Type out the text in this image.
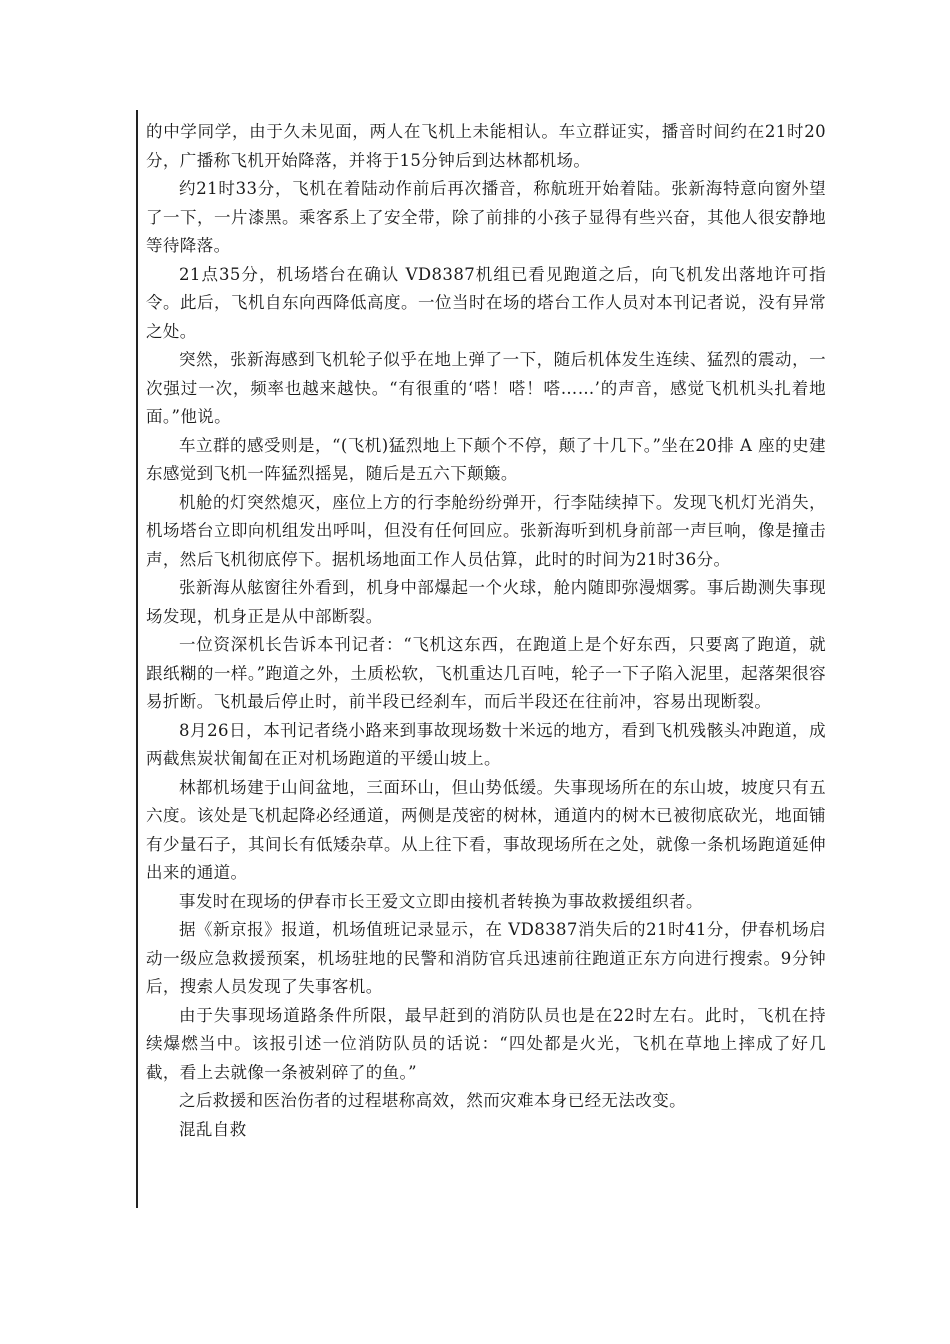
的中学同学，由于久未见面，两人在飞机上未能相认。车立群证实，播音时间约在21时20分，广播称飞机开始降落，并将于15分钟后到达林都机场。

约21时33分，飞机在着陆动作前后再次播音，称航班开始着陆。张新海特意向窗外望了一下，一片漆黑。乘客系上了安全带，除了前排的小孩子显得有些兴奋，其他人很安静地等待降落。

21点35分，机场塔台在确认 VD8387机组已看见跑道之后，向飞机发出落地许可指令。此后，飞机自东向西降低高度。一位当时在场的塔台工作人员对本刊记者说，没有异常之处。

突然，张新海感到飞机轮子似乎在地上弹了一下，随后机体发生连续、猛烈的震动，一次强过一次，频率也越来越快。“有很重的‘嗒！嗒！嗒……’的声音，感觉飞机机头扎着地面。”他说。

车立群的感受则是，“(飞机)猛烈地上下颠个不停，颠了十几下。”坐在20排 A 座的史建东感觉到飞机一阵猛烈摇晃，随后是五六下颠簸。

机舱的灯突然熄灭，座位上方的行李舱纷纷弹开，行李陆续掉下。发现飞机灯光消失，机场塔台立即向机组发出呼叫，但没有任何回应。张新海听到机身前部一声巨响，像是撞击声，然后飞机彻底停下。据机场地面工作人员估算，此时的时间为21时36分。

张新海从舷窗往外看到，机身中部爆起一个火球，舱内随即弥漫烟雾。事后勘测失事现场发现，机身正是从中部断裂。

一位资深机长告诉本刊记者：“飞机这东西，在跑道上是个好东西，只要离了跑道，就跟纸糊的一样。”跑道之外，土质松软，飞机重达几百吨，轮子一下子陷入泥里，起落架很容易折断。飞机最后停止时，前半段已经刹车，而后半段还在往前冲，容易出现断裂。

8月26日，本刊记者绕小路来到事故现场数十米远的地方，看到飞机残骸头冲跑道，成两截焦炭状匍匐在正对机场跑道的平缓山坡上。

林都机场建于山间盆地，三面环山，但山势低缓。失事现场所在的东山坡，坡度只有五六度。该处是飞机起降必经通道，两侧是茂密的树林，通道内的树木已被彻底砍光，地面铺有少量石子，其间长有低矮杂草。从上往下看，事故现场所在之处，就像一条机场跑道延伸出来的通道。

事发时在现场的伊春市长王爱文立即由接机者转换为事故救援组织者。

据《新京报》报道，机场值班记录显示，在 VD8387消失后的21时41分，伊春机场启动一级应急救援预案，机场驻地的民警和消防官兵迅速前往跑道正东方向进行搜索。9分钟后，搜索人员发现了失事客机。

由于失事现场道路条件所限，最早赶到的消防队员也是在22时左右。此时，飞机在持续爆燃当中。该报引述一位消防队员的话说：“四处都是火光，飞机在草地上摔成了好几截，看上去就像一条被剁碎了的鱼。”

之后救援和医治伤者的过程堪称高效，然而灾难本身已经无法改变。

混乱自救
